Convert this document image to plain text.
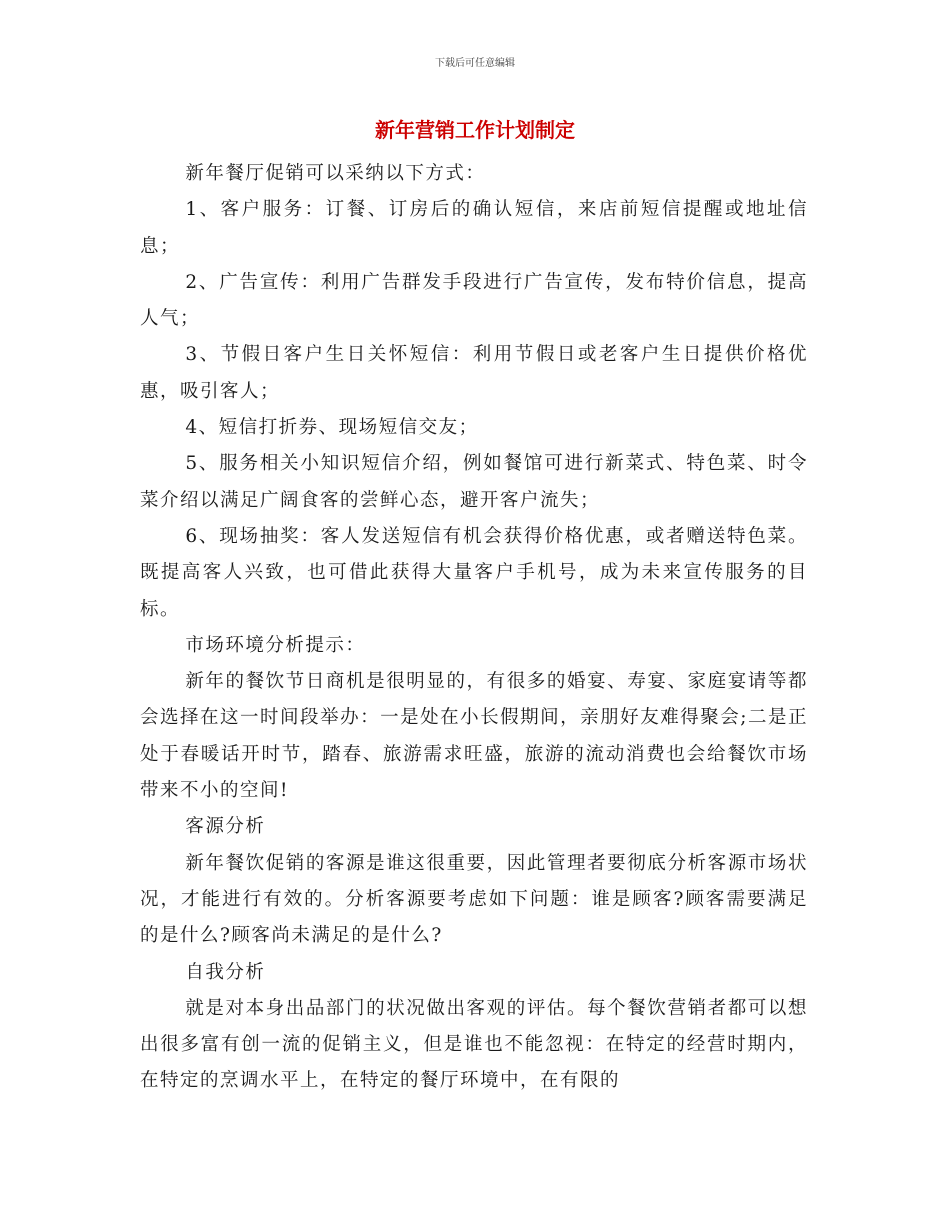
下载后可任意编辑
新年营销工作计划制定

新年餐厅促销可以采纳以下方式：

1、客户服务：订餐、订房后的确认短信，来店前短信提醒或地址信息；

2、广告宣传：利用广告群发手段进行广告宣传，发布特价信息，提高人气；

3、节假日客户生日关怀短信：利用节假日或老客户生日提供价格优惠，吸引客人；

4、短信打折券、现场短信交友；

5、服务相关小知识短信介绍，例如餐馆可进行新菜式、特色菜、时令菜介绍以满足广阔食客的尝鲜心态，避开客户流失；

6、现场抽奖：客人发送短信有机会获得价格优惠，或者赠送特色菜。既提高客人兴致，也可借此获得大量客户手机号，成为未来宣传服务的目标。

市场环境分析提示：

新年的餐饮节日商机是很明显的，有很多的婚宴、寿宴、家庭宴请等都会选择在这一时间段举办：一是处在小长假期间，亲朋好友难得聚会;二是正处于春暖话开时节，踏春、旅游需求旺盛，旅游的流动消费也会给餐饮市场带来不小的空间!

客源分析

新年餐饮促销的客源是谁这很重要，因此管理者要彻底分析客源市场状况，才能进行有效的。分析客源要考虑如下问题：谁是顾客?顾客需要满足的是什么?顾客尚未满足的是什么?

自我分析

就是对本身出品部门的状况做出客观的评估。每个餐饮营销者都可以想出很多富有创一流的促销主义，但是谁也不能忽视：在特定的经营时期内，在特定的烹调水平上，在特定的餐厅环境中，在有限的
